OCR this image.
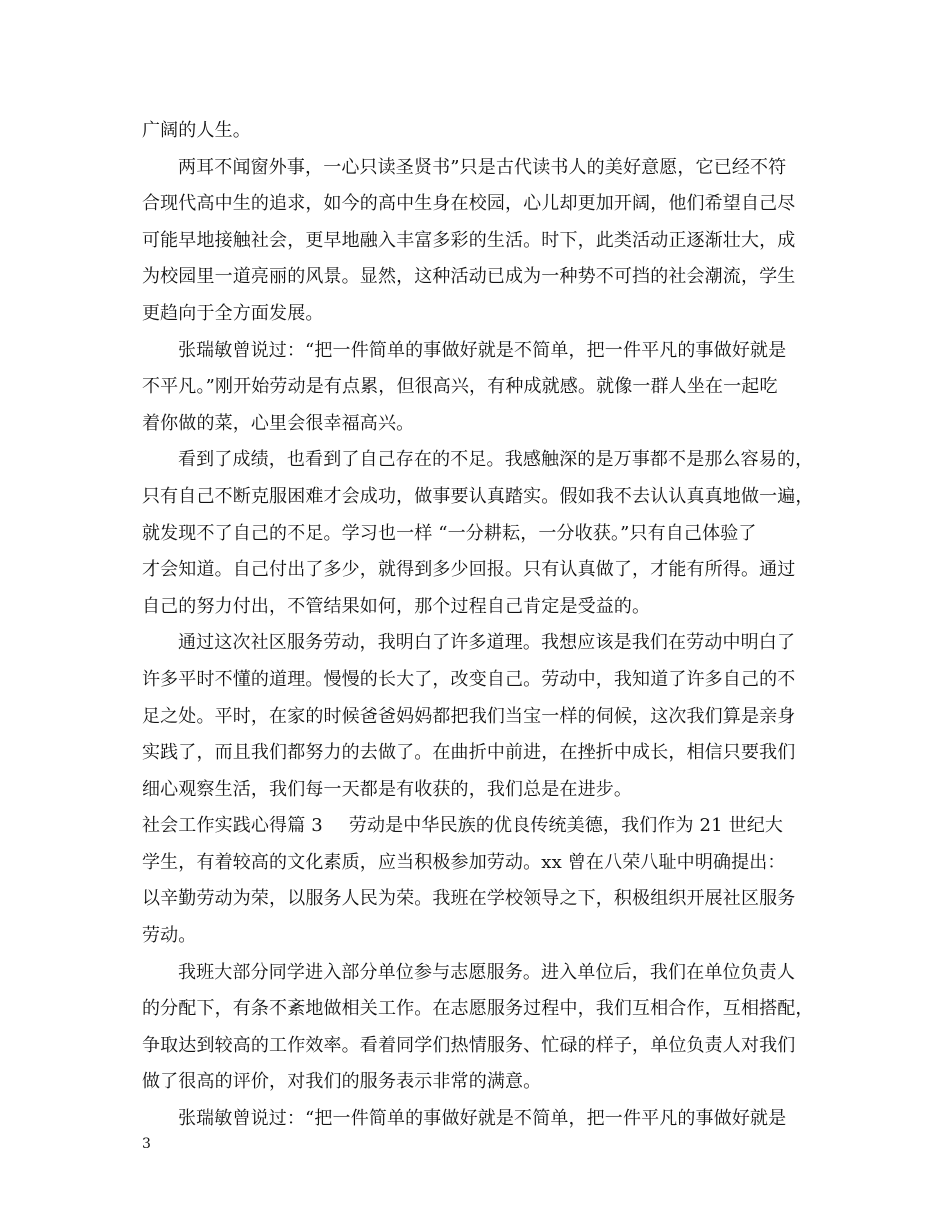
广阔的人生。
两耳不闻窗外事，一心只读圣贤书”只是古代读书人的美好意愿，它已经不符
合现代高中生的追求，如今的高中生身在校园，心儿却更加开阔，他们希望自己尽
可能早地接触社会，更早地融入丰富多彩的生活。时下，此类活动正逐渐壮大，成
为校园里一道亮丽的风景。显然，这种活动已成为一种势不可挡的社会潮流，学生
更趋向于全方面发展。
张瑞敏曾说过：“把一件简单的事做好就是不简单，把一件平凡的事做好就是
不平凡。”刚开始劳动是有点累，但很高兴，有种成就感。就像一群人坐在一起吃
着你做的菜，心里会很幸福高兴。
看到了成绩，也看到了自己存在的不足。我感触深的是万事都不是那么容易的，
只有自己不断克服困难才会成功，做事要认真踏实。假如我不去认认真真地做一遍，
就发现不了自己的不足。学习也一样 “一分耕耘，一分收获。”只有自己体验了
才会知道。自己付出了多少，就得到多少回报。只有认真做了，才能有所得。通过
自己的努力付出，不管结果如何，那个过程自己肯定是受益的。
通过这次社区服务劳动，我明白了许多道理。我想应该是我们在劳动中明白了
许多平时不懂的道理。慢慢的长大了，改变自己。劳动中，我知道了许多自己的不
足之处。平时，在家的时候爸爸妈妈都把我们当宝一样的伺候，这次我们算是亲身
实践了，而且我们都努力的去做了。在曲折中前进，在挫折中成长，相信只要我们
细心观察生活，我们每一天都是有收获的，我们总是在进步。
社会工作实践心得篇 3 劳动是中华民族的优良传统美德，我们作为 21 世纪大
学生，有着较高的文化素质，应当积极参加劳动。xx 曾在八荣八耻中明确提出：
以辛勤劳动为荣，以服务人民为荣。我班在学校领导之下，积极组织开展社区服务
劳动。
我班大部分同学进入部分单位参与志愿服务。进入单位后，我们在单位负责人
的分配下，有条不紊地做相关工作。在志愿服务过程中，我们互相合作，互相搭配，
争取达到较高的工作效率。看着同学们热情服务、忙碌的样子，单位负责人对我们
做了很高的评价，对我们的服务表示非常的满意。
张瑞敏曾说过：“把一件简单的事做好就是不简单，把一件平凡的事做好就是
3
